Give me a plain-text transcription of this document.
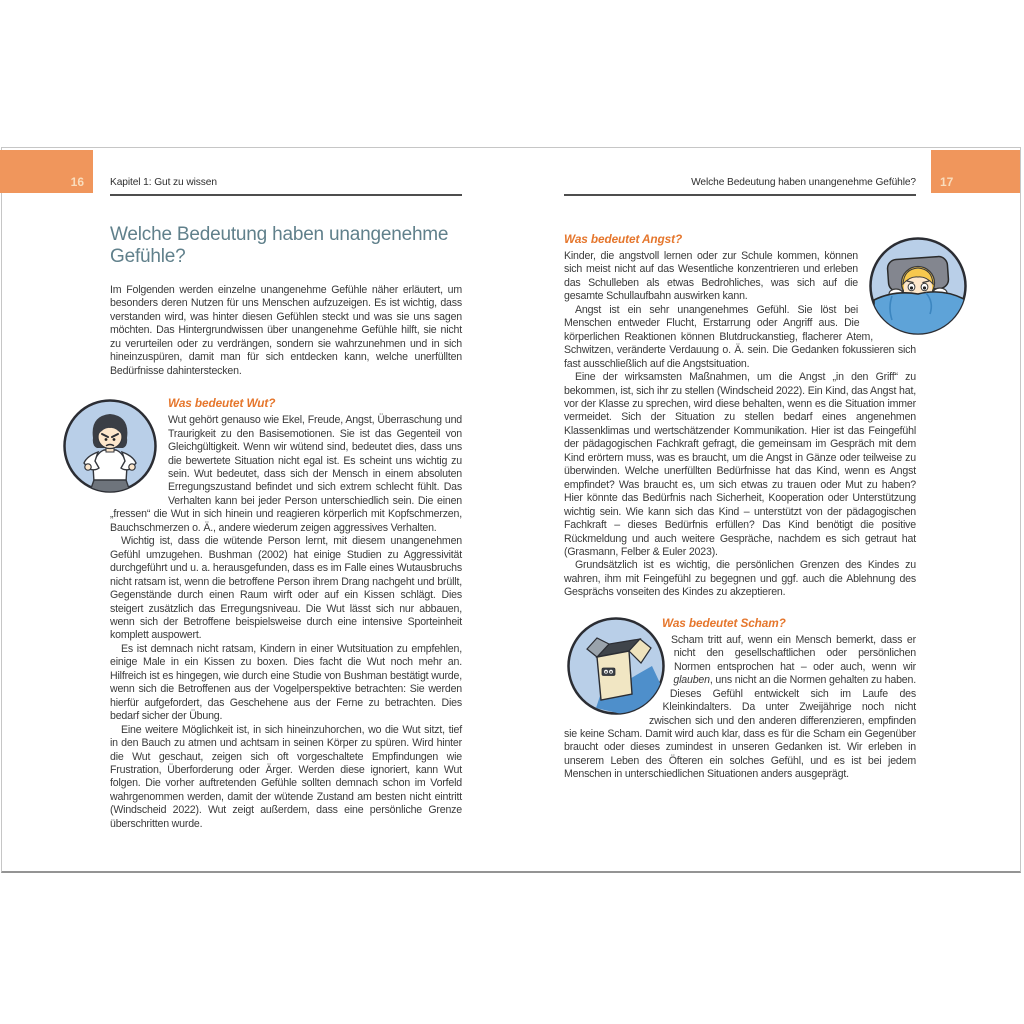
16	17
Kapitel 1: Gut zu wissen	Welche Bedeutung haben unangenehme Gefühle?
Welche Bedeutung haben unangenehme Gefühle?

Im Folgenden werden einzelne unangenehme Gefühle näher erläutert, um besonders deren Nutzen für uns Menschen aufzuzeigen. Es ist wichtig, dass verstanden wird, was hinter diesen Gefühlen steckt und was sie uns sagen möchten. Das Hintergrundwissen über unangenehme Gefühle hilft, sie nicht zu verurteilen oder zu verdrängen, sondern sie wahrzunehmen und in sich hineinzuspüren, damit man für sich entdecken kann, welche unerfüllten Bedürfnisse dahinterstecken.

Was bedeutet Wut?

Wut gehört genauso wie Ekel, Freude, Angst, Überraschung und Traurigkeit zu den Basisemotionen. Sie ist das Gegenteil von Gleichgültigkeit. Wenn wir wütend sind, bedeutet dies, dass uns die bewertete Situation nicht egal ist. Es scheint uns wichtig zu sein. Wut bedeutet, dass sich der Mensch in einem absoluten Erregungszustand befindet und sich extrem schlecht fühlt. Das Verhalten kann bei jeder Person unterschiedlich sein. Die einen „fressen“ die Wut in sich hinein und reagieren körperlich mit Kopfschmerzen, Bauchschmerzen o. Ä., andere wiederum zeigen aggressives Verhalten.

Wichtig ist, dass die wütende Person lernt, mit diesem unangenehmen Gefühl umzugehen. Bushman (2002) hat einige Studien zu Aggressivität durchgeführt und u. a. herausgefunden, dass es im Falle eines Wutausbruchs nicht ratsam ist, wenn die betroffene Person ihrem Drang nachgeht und brüllt, Gegenstände durch einen Raum wirft oder auf ein Kissen schlägt. Dies steigert zusätzlich das Erregungsniveau. Die Wut lässt sich nur abbauen, wenn sich der Betroffene beispielsweise durch eine intensive Sporteinheit komplett auspowert.

Es ist demnach nicht ratsam, Kindern in einer Wutsituation zu empfehlen, einige Male in ein Kissen zu boxen. Dies facht die Wut noch mehr an. Hilfreich ist es hingegen, wie durch eine Studie von Bushman bestätigt wurde, wenn sich die Betroffenen aus der Vogelperspektive betrachten: Sie werden hierfür aufgefordert, das Geschehene aus der Ferne zu betrachten. Dies bedarf sicher der Übung.

Eine weitere Möglichkeit ist, in sich hineinzuhorchen, wo die Wut sitzt, tief in den Bauch zu atmen und achtsam in seinen Körper zu spüren. Wird hinter die Wut geschaut, zeigen sich oft vorgeschaltete Empfindungen wie Frustration, Überforderung oder Ärger. Werden diese ignoriert, kann Wut folgen. Die vorher auftretenden Gefühle sollten demnach schon im Vorfeld wahrgenommen werden, damit der wütende Zustand am besten nicht eintritt (Windscheid 2022). Wut zeigt außerdem, dass eine persönliche Grenze überschritten wurde.

Was bedeutet Angst?

Kinder, die angstvoll lernen oder zur Schule kommen, können sich meist nicht auf das Wesentliche konzentrieren und erleben das Schulleben als etwas Bedrohliches, was sich auf die gesamte Schullaufbahn auswirken kann.

Angst ist ein sehr unangenehmes Gefühl. Sie löst bei Menschen entweder Flucht, Erstarrung oder Angriff aus. Die körperlichen Reaktionen können Blutdruckanstieg, flacherer Atem, Schwitzen, veränderte Verdauung o. Ä. sein. Die Gedanken fokussieren sich fast ausschließlich auf die Angstsituation.

Eine der wirksamsten Maßnahmen, um die Angst „in den Griff“ zu bekommen, ist, sich ihr zu stellen (Windscheid 2022). Ein Kind, das Angst hat, vor der Klasse zu sprechen, wird diese behalten, wenn es die Situation immer vermeidet. Sich der Situation zu stellen bedarf eines angenehmen Klassenklimas und wertschätzender Kommunikation. Hier ist das Feingefühl der pädagogischen Fachkraft gefragt, die gemeinsam im Gespräch mit dem Kind erörtern muss, was es braucht, um die Angst in Gänze oder teilweise zu überwinden. Welche unerfüllten Bedürfnisse hat das Kind, wenn es Angst empfindet? Was braucht es, um sich etwas zu trauen oder Mut zu haben? Hier könnte das Bedürfnis nach Sicherheit, Kooperation oder Unterstützung wichtig sein. Wie kann sich das Kind – unterstützt von der pädagogischen Fachkraft – dieses Bedürfnis erfüllen? Das Kind benötigt die positive Rückmeldung und auch weitere Gespräche, nachdem es sich getraut hat (Grasmann, Felber & Euler 2023).

Grundsätzlich ist es wichtig, die persönlichen Grenzen des Kindes zu wahren, ihm mit Feingefühl zu begegnen und ggf. auch die Ablehnung des Gesprächs vonseiten des Kindes zu akzeptieren.

Was bedeutet Scham?

Scham tritt auf, wenn ein Mensch bemerkt, dass er nicht den gesellschaftlichen oder persönlichen Normen entsprochen hat – oder auch, wenn wir glauben, uns nicht an die Normen gehalten zu haben. Dieses Gefühl entwickelt sich im Laufe des Kleinkindalters. Da unter Zweijährige noch nicht zwischen sich und den anderen differenzieren, empfinden sie keine Scham. Damit wird auch klar, dass es für die Scham ein Gegenüber braucht oder dieses zumindest in unseren Gedanken ist. Wir erleben in unserem Leben des Öfteren ein solches Gefühl, und es ist bei jedem Menschen in unterschiedlichen Situationen anders ausgeprägt.
